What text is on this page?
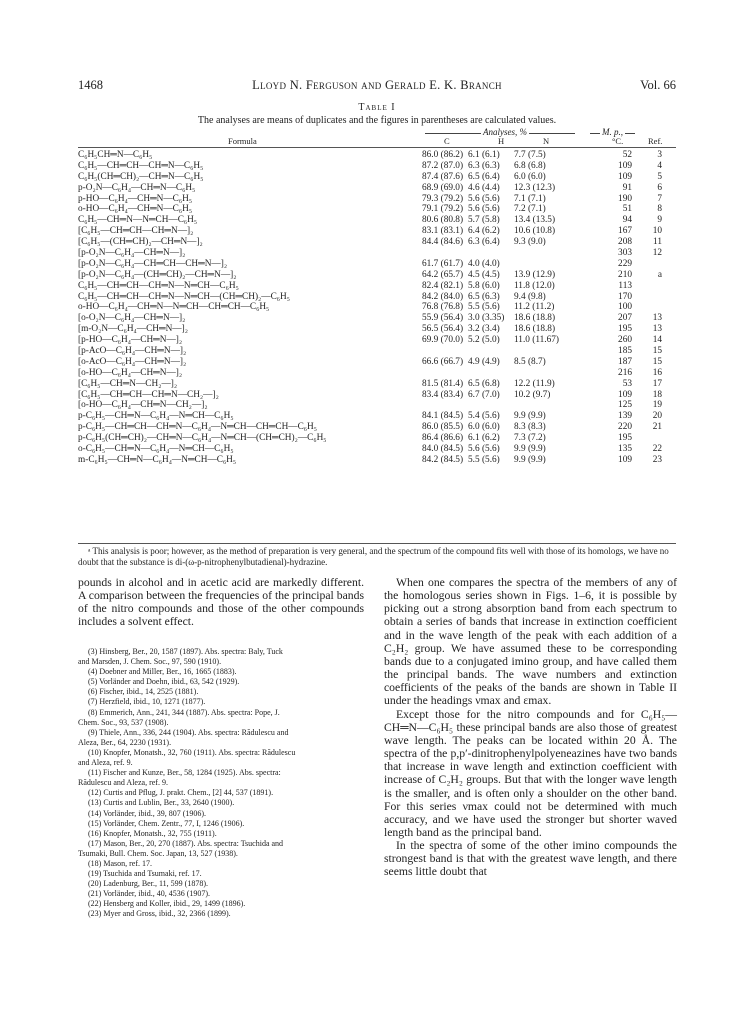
1468	Lloyd N. Ferguson and Gerald E. K. Branch	Vol. 66
Table I
The analyses are means of duplicates and the figures in parentheses are calculated values.
Analyses, %	M. p.,
Formula	C	H	N	°C.	Ref.
C₆H₅CH═N—C₆H₅	86.0 (86.2) 6.1 (6.1) 7.7 (7.5)	52	3
C₆H₅—CH═CH—CH═N—C₆H₅	87.2 (87.0) 6.3 (6.3) 6.8 (6.8)	109	4
C₆H₅(CH═CH)₂—CH═N—C₆H₅	87.4 (87.6) 6.5 (6.4) 6.0 (6.0)	109	5
p-O₂N—C₆H₄—CH═N—C₆H₅	68.9 (69.0) 4.6 (4.4) 12.3 (12.3)	91	6
p-HO—C₆H₄—CH═N—C₆H₅	79.3 (79.2) 5.6 (5.6) 7.1 (7.1)	190	7
o-HO—C₆H₄—CH═N—C₆H₅	79.1 (79.2) 5.6 (5.6) 7.2 (7.1)	51	8
C₆H₅—CH═N—N═CH—C₆H₅	80.6 (80.8) 5.7 (5.8) 13.4 (13.5)	94	9
[C₆H₅—CH═CH—CH═N—]₂	83.1 (83.1) 6.4 (6.2) 10.6 (10.8)	167	10
[C₆H₅—(CH═CH)₂—CH═N—]₂	84.4 (84.6) 6.3 (6.4) 9.3 (9.0)	208	11
[p-O₂N—C₆H₄—CH═N—]₂	303	12
[p-O₂N—C₆H₄—CH═CH—CH═N—]₂	61.7 (61.7) 4.0 (4.0)	229
[p-O₂N—C₆H₄—(CH═CH)₂—CH═N—]₂	64.2 (65.7) 4.5 (4.5) 13.9 (12.9)	210	a
C₆H₅—CH═CH—CH═N—N═CH—C₆H₅	82.4 (82.1) 5.8 (6.0) 11.8 (12.0)	113
C₆H₅—CH═CH—CH═N—N═CH—(CH═CH)₂—C₆H₅	84.2 (84.0) 6.5 (6.3) 9.4 (9.8)	170
o-HO—C₆H₄—CH═N—N═CH—CH═CH—C₆H₅	76.8 (76.8) 5.5 (5.6) 11.2 (11.2)	100
[o-O₂N—C₆H₄—CH═N—]₂	55.9 (56.4) 3.0 (3.35) 18.6 (18.8)	207	13
[m-O₂N—C₆H₄—CH═N—]₂	56.5 (56.4) 3.2 (3.4) 18.6 (18.8)	195	13
[p-HO—C₆H₄—CH═N—]₂	69.9 (70.0) 5.2 (5.0) 11.0 (11.67)	260	14
[p-AcO—C₆H₄—CH═N—]₂	185	15
[o-AcO—C₆H₄—CH═N—]₂	66.6 (66.7) 4.9 (4.9) 8.5 (8.7)	187	15
[o-HO—C₆H₄—CH═N—]₂	216	16
[C₆H₅—CH═N—CH₂—]₂	81.5 (81.4) 6.5 (6.8) 12.2 (11.9)	53	17
[C₆H₅—CH═CH—CH═N—CH₂—]₂	83.4 (83.4) 6.7 (7.0) 10.2 (9.7)	109	18
[o-HO—C₆H₄—CH═N—CH₂—]₂	125	19
p-C₆H₅—CH═N—C₆H₄—N═CH—C₆H₅	84.1 (84.5) 5.4 (5.6) 9.9 (9.9)	139	20
p-C₆H₅—CH═CH—CH═N—C₆H₄—N═CH—CH═CH—C₆H₅	86.0 (85.5) 6.0 (6.0) 8.3 (8.3)	220	21
p-C₆H₅(CH═CH)₂—CH═N—C₆H₄—N═CH—(CH═CH)₂—C₆H₅	86.4 (86.6) 6.1 (6.2) 7.3 (7.2)	195
o-C₆H₅—CH═N—C₆H₄—N═CH—C₆H₅	84.0 (84.5) 5.6 (5.6) 9.9 (9.9)	135	22
m-C₆H₅—CH═N—C₆H₄—N═CH—C₆H₅	84.2 (84.5) 5.5 (5.6) 9.9 (9.9)	109	23
ᵃ This analysis is poor; however, as the method of preparation is very general, and the spectrum of the compound fits well with those of its homologs, we have no doubt that the substance is di-(ω-p-nitrophenylbutadienal)-hydrazine.

pounds in alcohol and in acetic acid are markedly different. A comparison between the frequencies of the principal bands of the nitro compounds and those of the other compounds includes a solvent effect.

(3) Hinsberg, Ber., 20, 1587 (1897). Abs. spectra: Baly, Tuck
and Marsden, J. Chem. Soc., 97, 590 (1910).
(4) Doebner and Miller, Ber., 16, 1665 (1883).
(5) Vorländer and Doehn, ibid., 63, 542 (1929).
(6) Fischer, ibid., 14, 2525 (1881).
(7) Herzfield, ibid., 10, 1271 (1877).
(8) Emmerich, Ann., 241, 344 (1887). Abs. spectra: Pope, J.
Chem. Soc., 93, 537 (1908).
(9) Thiele, Ann., 336, 244 (1904). Abs. spectra: Rădulescu and
Aleza, Ber., 64, 2230 (1931).
(10) Knopfer, Monatsh., 32, 760 (1911). Abs. spectra: Rădulescu
and Aleza, ref. 9.
(11) Fischer and Kunze, Ber., 58, 1284 (1925). Abs. spectra:
Rădulescu and Aleza, ref. 9.
(12) Curtis and Pflug, J. prakt. Chem., [2] 44, 537 (1891).
(13) Curtis and Lublin, Ber., 33, 2640 (1900).
(14) Vorländer, ibid., 39, 807 (1906).
(15) Vorländer, Chem. Zentr., 77, I, 1246 (1906).
(16) Knopfer, Monatsh., 32, 755 (1911).
(17) Mason, Ber., 20, 270 (1887). Abs. spectra: Tsuchida and
Tsumaki, Bull. Chem. Soc. Japan, 13, 527 (1938).
(18) Mason, ref. 17.
(19) Tsuchida and Tsumaki, ref. 17.
(20) Ladenburg, Ber., 11, 599 (1878).
(21) Vorländer, ibid., 40, 4536 (1907).
(22) Hensberg and Koller, ibid., 29, 1499 (1896).
(23) Myer and Gross, ibid., 32, 2366 (1899).

When one compares the spectra of the members of any of the homologous series shown in Figs. 1–6, it is possible by picking out a strong absorption band from each spectrum to obtain a series of bands that increase in extinction coefficient and in the wave length of the peak with each addition of a C₂H₂ group. We have assumed these to be corresponding bands due to a conjugated imino group, and have called them the principal bands. The wave numbers and extinction coefficients of the peaks of the bands are shown in Table II under the headings νmax and εmax.

Except those for the nitro compounds and for C₆H₅—CH═N—C₆H₅ these principal bands are also those of greatest wave length. The peaks can be located within 20 Å. The spectra of the p,p′-dinitrophenylpolyeneazines have two bands that increase in wave length and extinction coefficient with increase of C₂H₂ groups. But that with the longer wave length is the smaller, and is often only a shoulder on the other band. For this series νmax could not be determined with much accuracy, and we have used the stronger but shorter waved length band as the principal band.

In the spectra of some of the other imino compounds the strongest band is that with the greatest wave length, and there seems little doubt that
